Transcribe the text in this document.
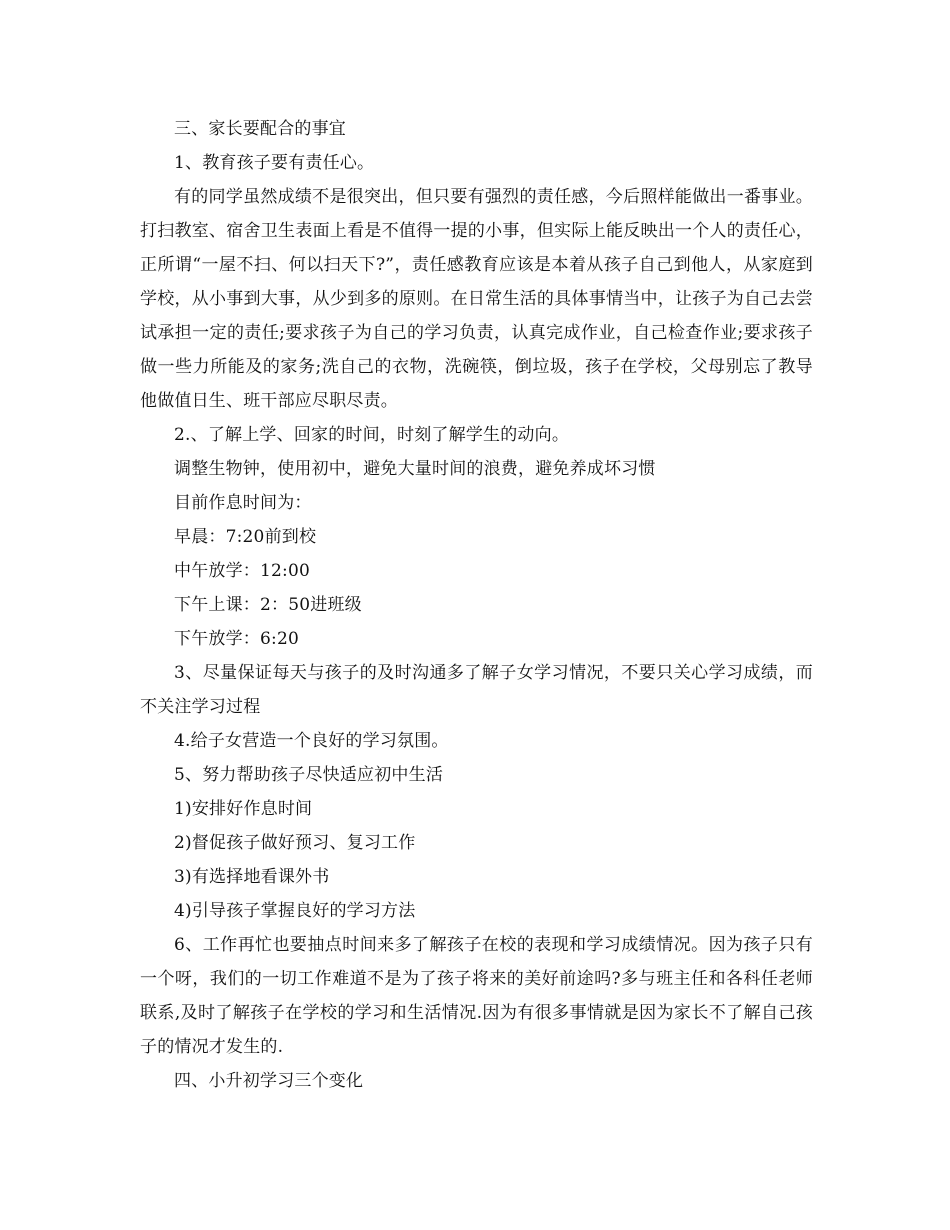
三、家长要配合的事宜

1、教育孩子要有责任心。

有的同学虽然成绩不是很突出，但只要有强烈的责任感，今后照样能做出一番事业。打扫教室、宿舍卫生表面上看是不值得一提的小事，但实际上能反映出一个人的责任心，正所谓“一屋不扫、何以扫天下?”，责任感教育应该是本着从孩子自己到他人，从家庭到学校，从小事到大事，从少到多的原则。在日常生活的具体事情当中，让孩子为自己去尝试承担一定的责任;要求孩子为自己的学习负责，认真完成作业，自己检查作业;要求孩子做一些力所能及的家务;洗自己的衣物，洗碗筷，倒垃圾，孩子在学校，父母别忘了教导他做值日生、班干部应尽职尽责。

2.、了解上学、回家的时间，时刻了解学生的动向。

调整生物钟，使用初中，避免大量时间的浪费，避免养成坏习惯

目前作息时间为：

早晨：7:20前到校

中午放学：12:00

下午上课：2：50进班级

下午放学：6:20

3、尽量保证每天与孩子的及时沟通多了解子女学习情况，不要只关心学习成绩，而不关注学习过程

4.给子女营造一个良好的学习氛围。

5、努力帮助孩子尽快适应初中生活

1)安排好作息时间

2)督促孩子做好预习、复习工作

3)有选择地看课外书

4)引导孩子掌握良好的学习方法

6、工作再忙也要抽点时间来多了解孩子在校的表现和学习成绩情况。因为孩子只有一个呀，我们的一切工作难道不是为了孩子将来的美好前途吗?多与班主任和各科任老师联系,及时了解孩子在学校的学习和生活情况.因为有很多事情就是因为家长不了解自己孩子的情况才发生的.

四、小升初学习三个变化
